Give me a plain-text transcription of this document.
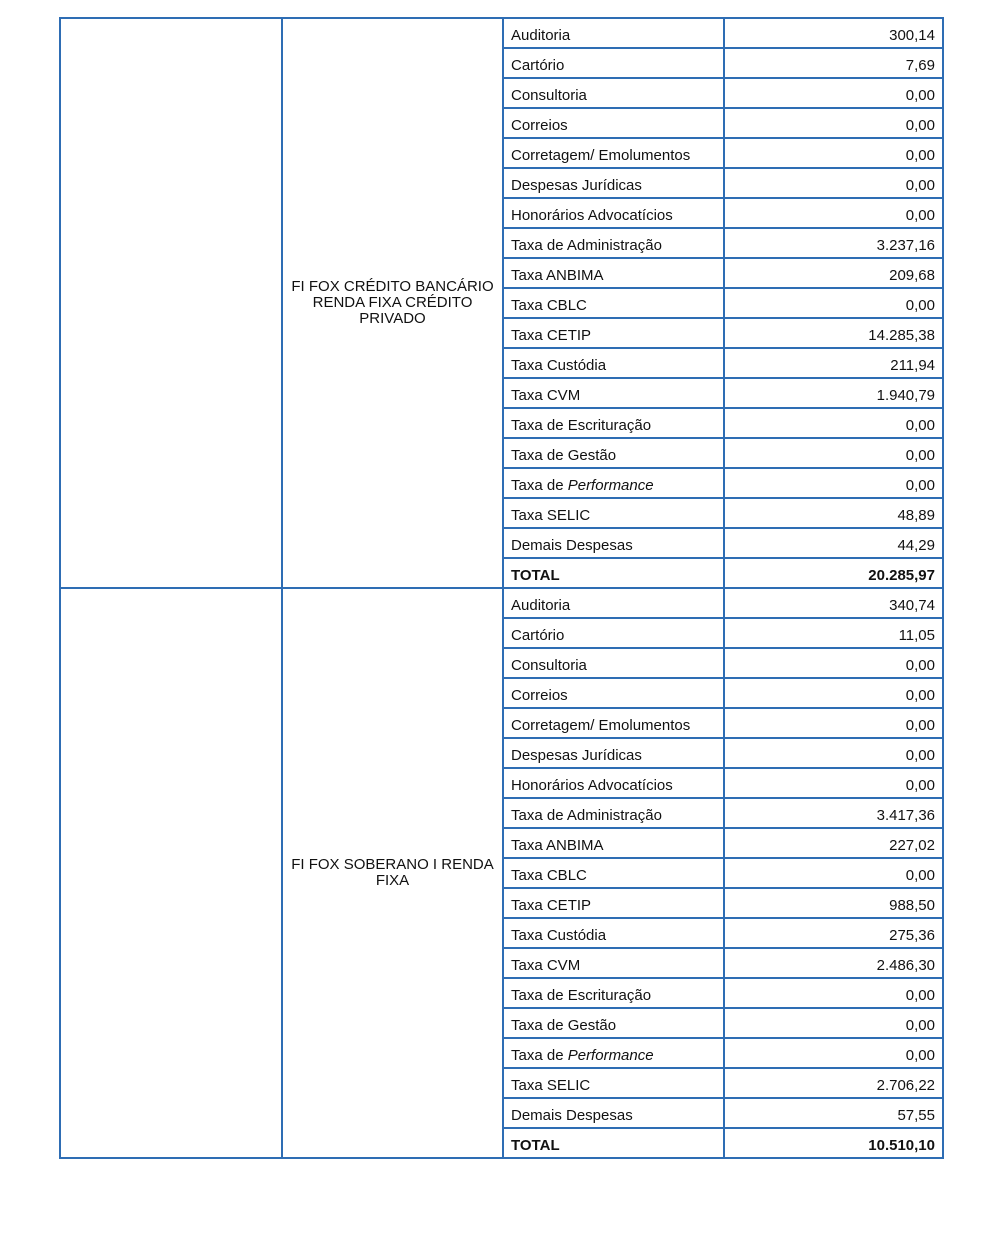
	FI FOX CRÉDITO BANCÁRIO RENDA FIXA CRÉDITO PRIVADO	Auditoria	300,14
		Cartório	7,69
		Consultoria	0,00
		Correios	0,00
		Corretagem/ Emolumentos	0,00
		Despesas Jurídicas	0,00
		Honorários Advocatícios	0,00
		Taxa de Administração	3.237,16
		Taxa ANBIMA	209,68
		Taxa CBLC	0,00
		Taxa CETIP	14.285,38
		Taxa Custódia	211,94
		Taxa CVM	1.940,79
		Taxa de Escrituração	0,00
		Taxa de Gestão	0,00
		Taxa de Performance	0,00
		Taxa SELIC	48,89
		Demais Despesas	44,29
		TOTAL	20.285,97

	FI FOX SOBERANO I RENDA FIXA	Auditoria	340,74
		Cartório	11,05
		Consultoria	0,00
		Correios	0,00
		Corretagem/ Emolumentos	0,00
		Despesas Jurídicas	0,00
		Honorários Advocatícios	0,00
		Taxa de Administração	3.417,36
		Taxa ANBIMA	227,02
		Taxa CBLC	0,00
		Taxa CETIP	988,50
		Taxa Custódia	275,36
		Taxa CVM	2.486,30
		Taxa de Escrituração	0,00
		Taxa de Gestão	0,00
		Taxa de Performance	0,00
		Taxa SELIC	2.706,22
		Demais Despesas	57,55
		TOTAL	10.510,10
